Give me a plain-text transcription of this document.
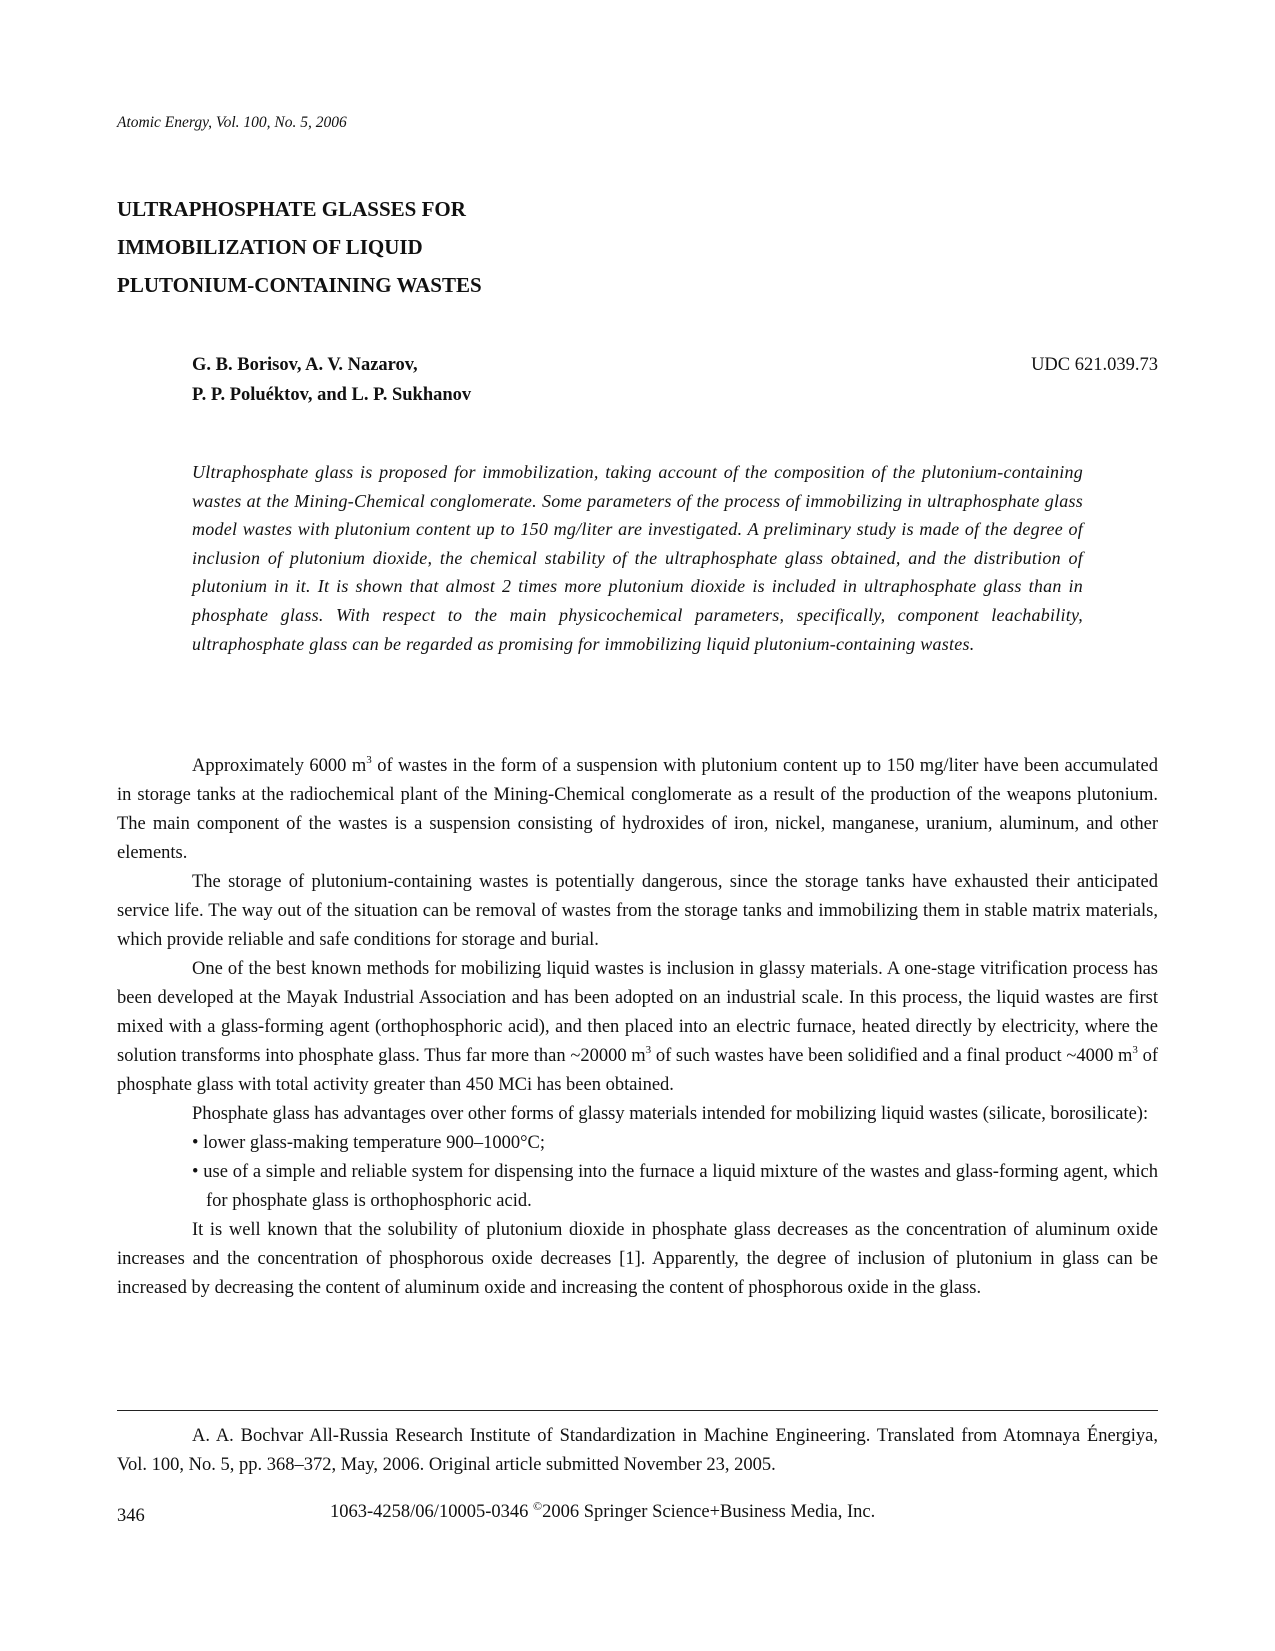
Atomic Energy, Vol. 100, No. 5, 2006
ULTRAPHOSPHATE GLASSES FOR
IMMOBILIZATION OF LIQUID
PLUTONIUM-CONTAINING WASTES
G. B. Borisov, A. V. Nazarov,
P. P. Poluéktov, and L. P. Sukhanov
UDC 621.039.73
Ultraphosphate glass is proposed for immobilization, taking account of the composition of the plutonium-containing wastes at the Mining-Chemical conglomerate. Some parameters of the process of immobilizing in ultraphosphate glass model wastes with plutonium content up to 150 mg/liter are investigated. A preliminary study is made of the degree of inclusion of plutonium dioxide, the chemical stability of the ultraphosphate glass obtained, and the distribution of plutonium in it. It is shown that almost 2 times more plutonium dioxide is included in ultraphosphate glass than in phosphate glass. With respect to the main physicochemical parameters, specifically, component leachability, ultraphosphate glass can be regarded as promising for immobilizing liquid plutonium-containing wastes.

Approximately 6000 $m^3$ of wastes in the form of a suspension with plutonium content up to 150 mg/liter have been accumulated in storage tanks at the radiochemical plant of the Mining-Chemical conglomerate as a result of the production of the weapons plutonium. The main component of the wastes is a suspension consisting of hydroxides of iron, nickel, manganese, uranium, aluminum, and other elements.

The storage of plutonium-containing wastes is potentially dangerous, since the storage tanks have exhausted their anticipated service life. The way out of the situation can be removal of wastes from the storage tanks and immobilizing them in stable matrix materials, which provide reliable and safe conditions for storage and burial.

One of the best known methods for mobilizing liquid wastes is inclusion in glassy materials. A one-stage vitrification process has been developed at the Mayak Industrial Association and has been adopted on an industrial scale. In this process, the liquid wastes are first mixed with a glass-forming agent (orthophosphoric acid), and then placed into an electric furnace, heated directly by electricity, where the solution transforms into phosphate glass. Thus far more than ~20000 $m^3$ of such wastes have been solidified and a final product ~4000 $m^3$ of phosphate glass with total activity greater than 450 MCi has been obtained.

Phosphate glass has advantages over other forms of glassy materials intended for mobilizing liquid wastes (silicate, borosilicate):

• lower glass-making temperature 900–1000°C;
• use of a simple and reliable system for dispensing into the furnace a liquid mixture of the wastes and glass-forming agent, which for phosphate glass is orthophosphoric acid.

It is well known that the solubility of plutonium dioxide in phosphate glass decreases as the concentration of aluminum oxide increases and the concentration of phosphorous oxide decreases [1]. Apparently, the degree of inclusion of plutonium in glass can be increased by decreasing the content of aluminum oxide and increasing the content of phosphorous oxide in the glass.

A. A. Bochvar All-Russia Research Institute of Standardization in Machine Engineering. Translated from Atomnaya Énergiya, Vol. 100, No. 5, pp. 368–372, May, 2006. Original article submitted November 23, 2005.
346	1063-4258/06/10005-0346 ©2006 Springer Science+Business Media, Inc.
